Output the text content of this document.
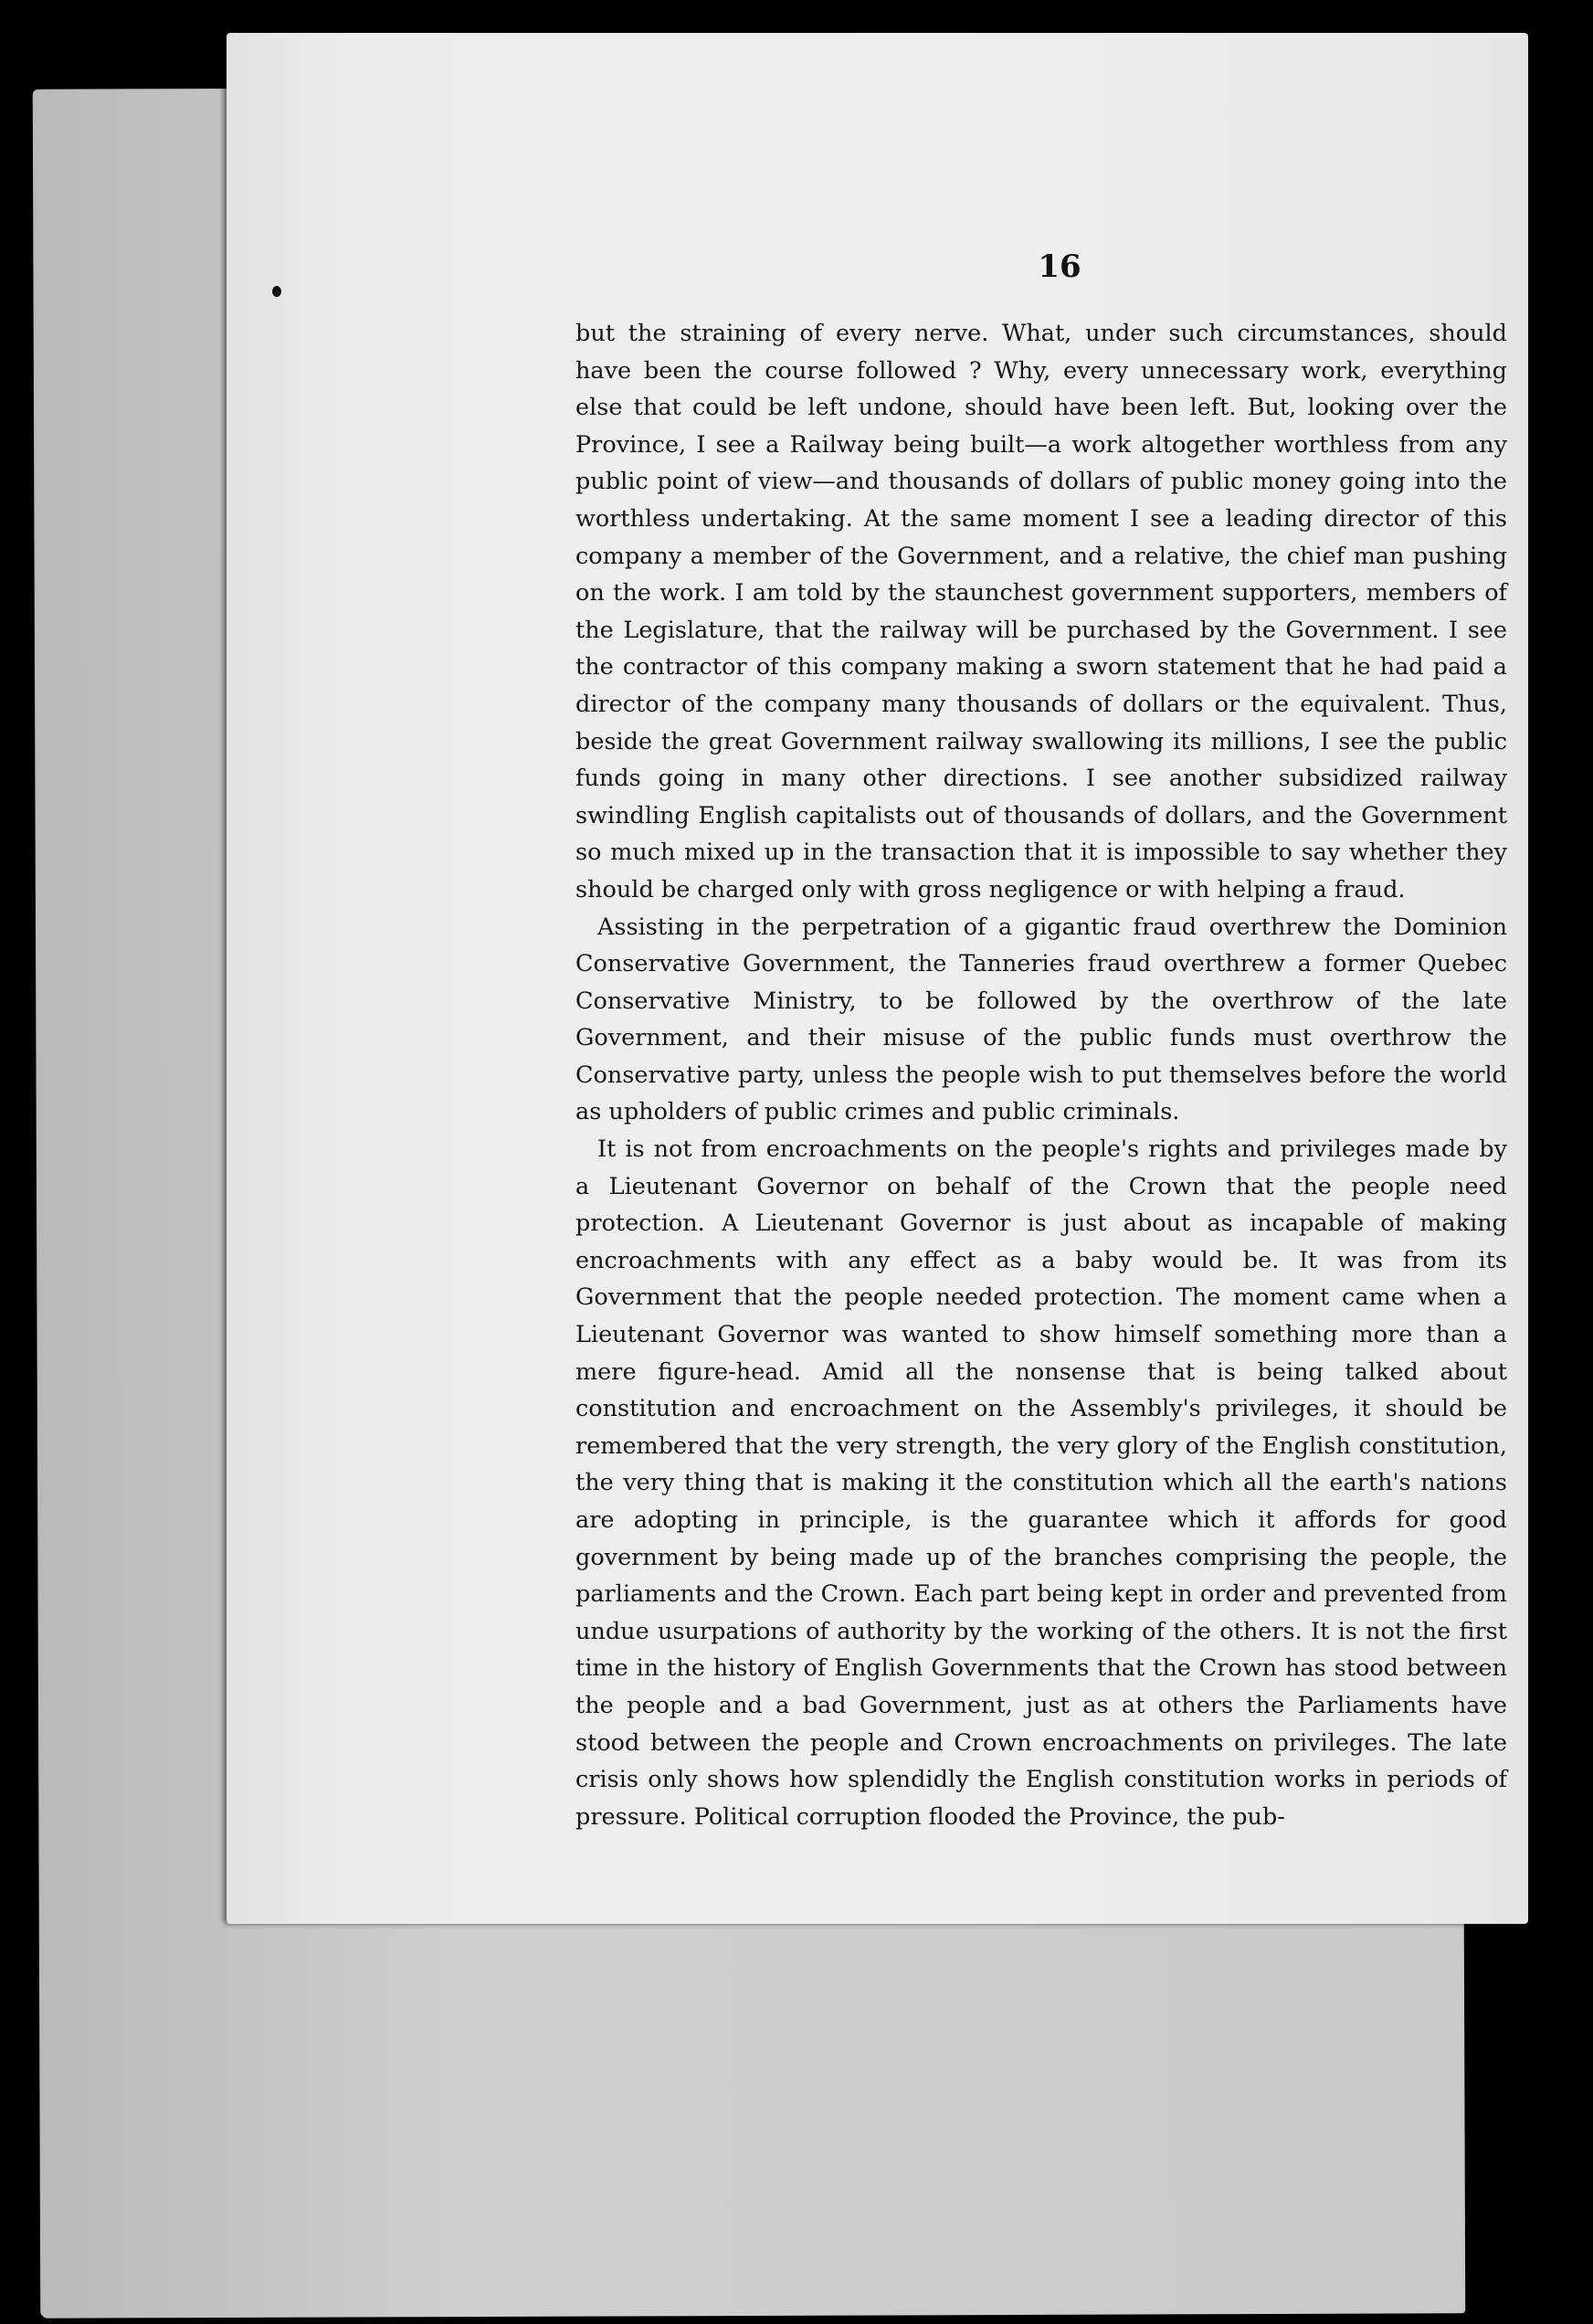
16

but the straining of every nerve. What, under such circumstances, should have been the course followed ? Why, every unnecessary work, everything else that could be left undone, should have been left. But, looking over the Province, I see a Railway being built—a work altogether worthless from any public point of view—and thousands of dollars of public money going into the worthless undertaking. At the same moment I see a leading director of this company a member of the Government, and a relative, the chief man pushing on the work. I am told by the staunchest government supporters, members of the Legislature, that the railway will be purchased by the Government. I see the contractor of this company making a sworn statement that he had paid a director of the company many thousands of dollars or the equivalent. Thus, beside the great Government railway swallowing its millions, I see the public funds going in many other directions. I see another subsidized railway swindling English capitalists out of thousands of dollars, and the Government so much mixed up in the transaction that it is impossible to say whether they should be charged only with gross negligence or with helping a fraud.

Assisting in the perpetration of a gigantic fraud overthrew the Dominion Conservative Government, the Tanneries fraud overthrew a former Quebec Conservative Ministry, to be followed by the overthrow of the late Government, and their misuse of the public funds must overthrow the Conservative party, unless the people wish to put themselves before the world as upholders of public crimes and public criminals.

It is not from encroachments on the people's rights and privileges made by a Lieutenant Governor on behalf of the Crown that the people need protection. A Lieutenant Governor is just about as incapable of making encroachments with any effect as a baby would be. It was from its Government that the people needed protection. The moment came when a Lieutenant Governor was wanted to show himself something more than a mere figure-head. Amid all the nonsense that is being talked about constitution and encroachment on the Assembly's privileges, it should be remembered that the very strength, the very glory of the English constitution, the very thing that is making it the constitution which all the earth's nations are adopting in principle, is the guarantee which it affords for good government by being made up of the branches comprising the people, the parliaments and the Crown. Each part being kept in order and prevented from undue usurpations of authority by the working of the others. It is not the first time in the history of English Governments that the Crown has stood between the people and a bad Government, just as at others the Parliaments have stood between the people and Crown encroachments on privileges. The late crisis only shows how splendidly the English constitution works in periods of pressure. Political corruption flooded the Province, the pub-
